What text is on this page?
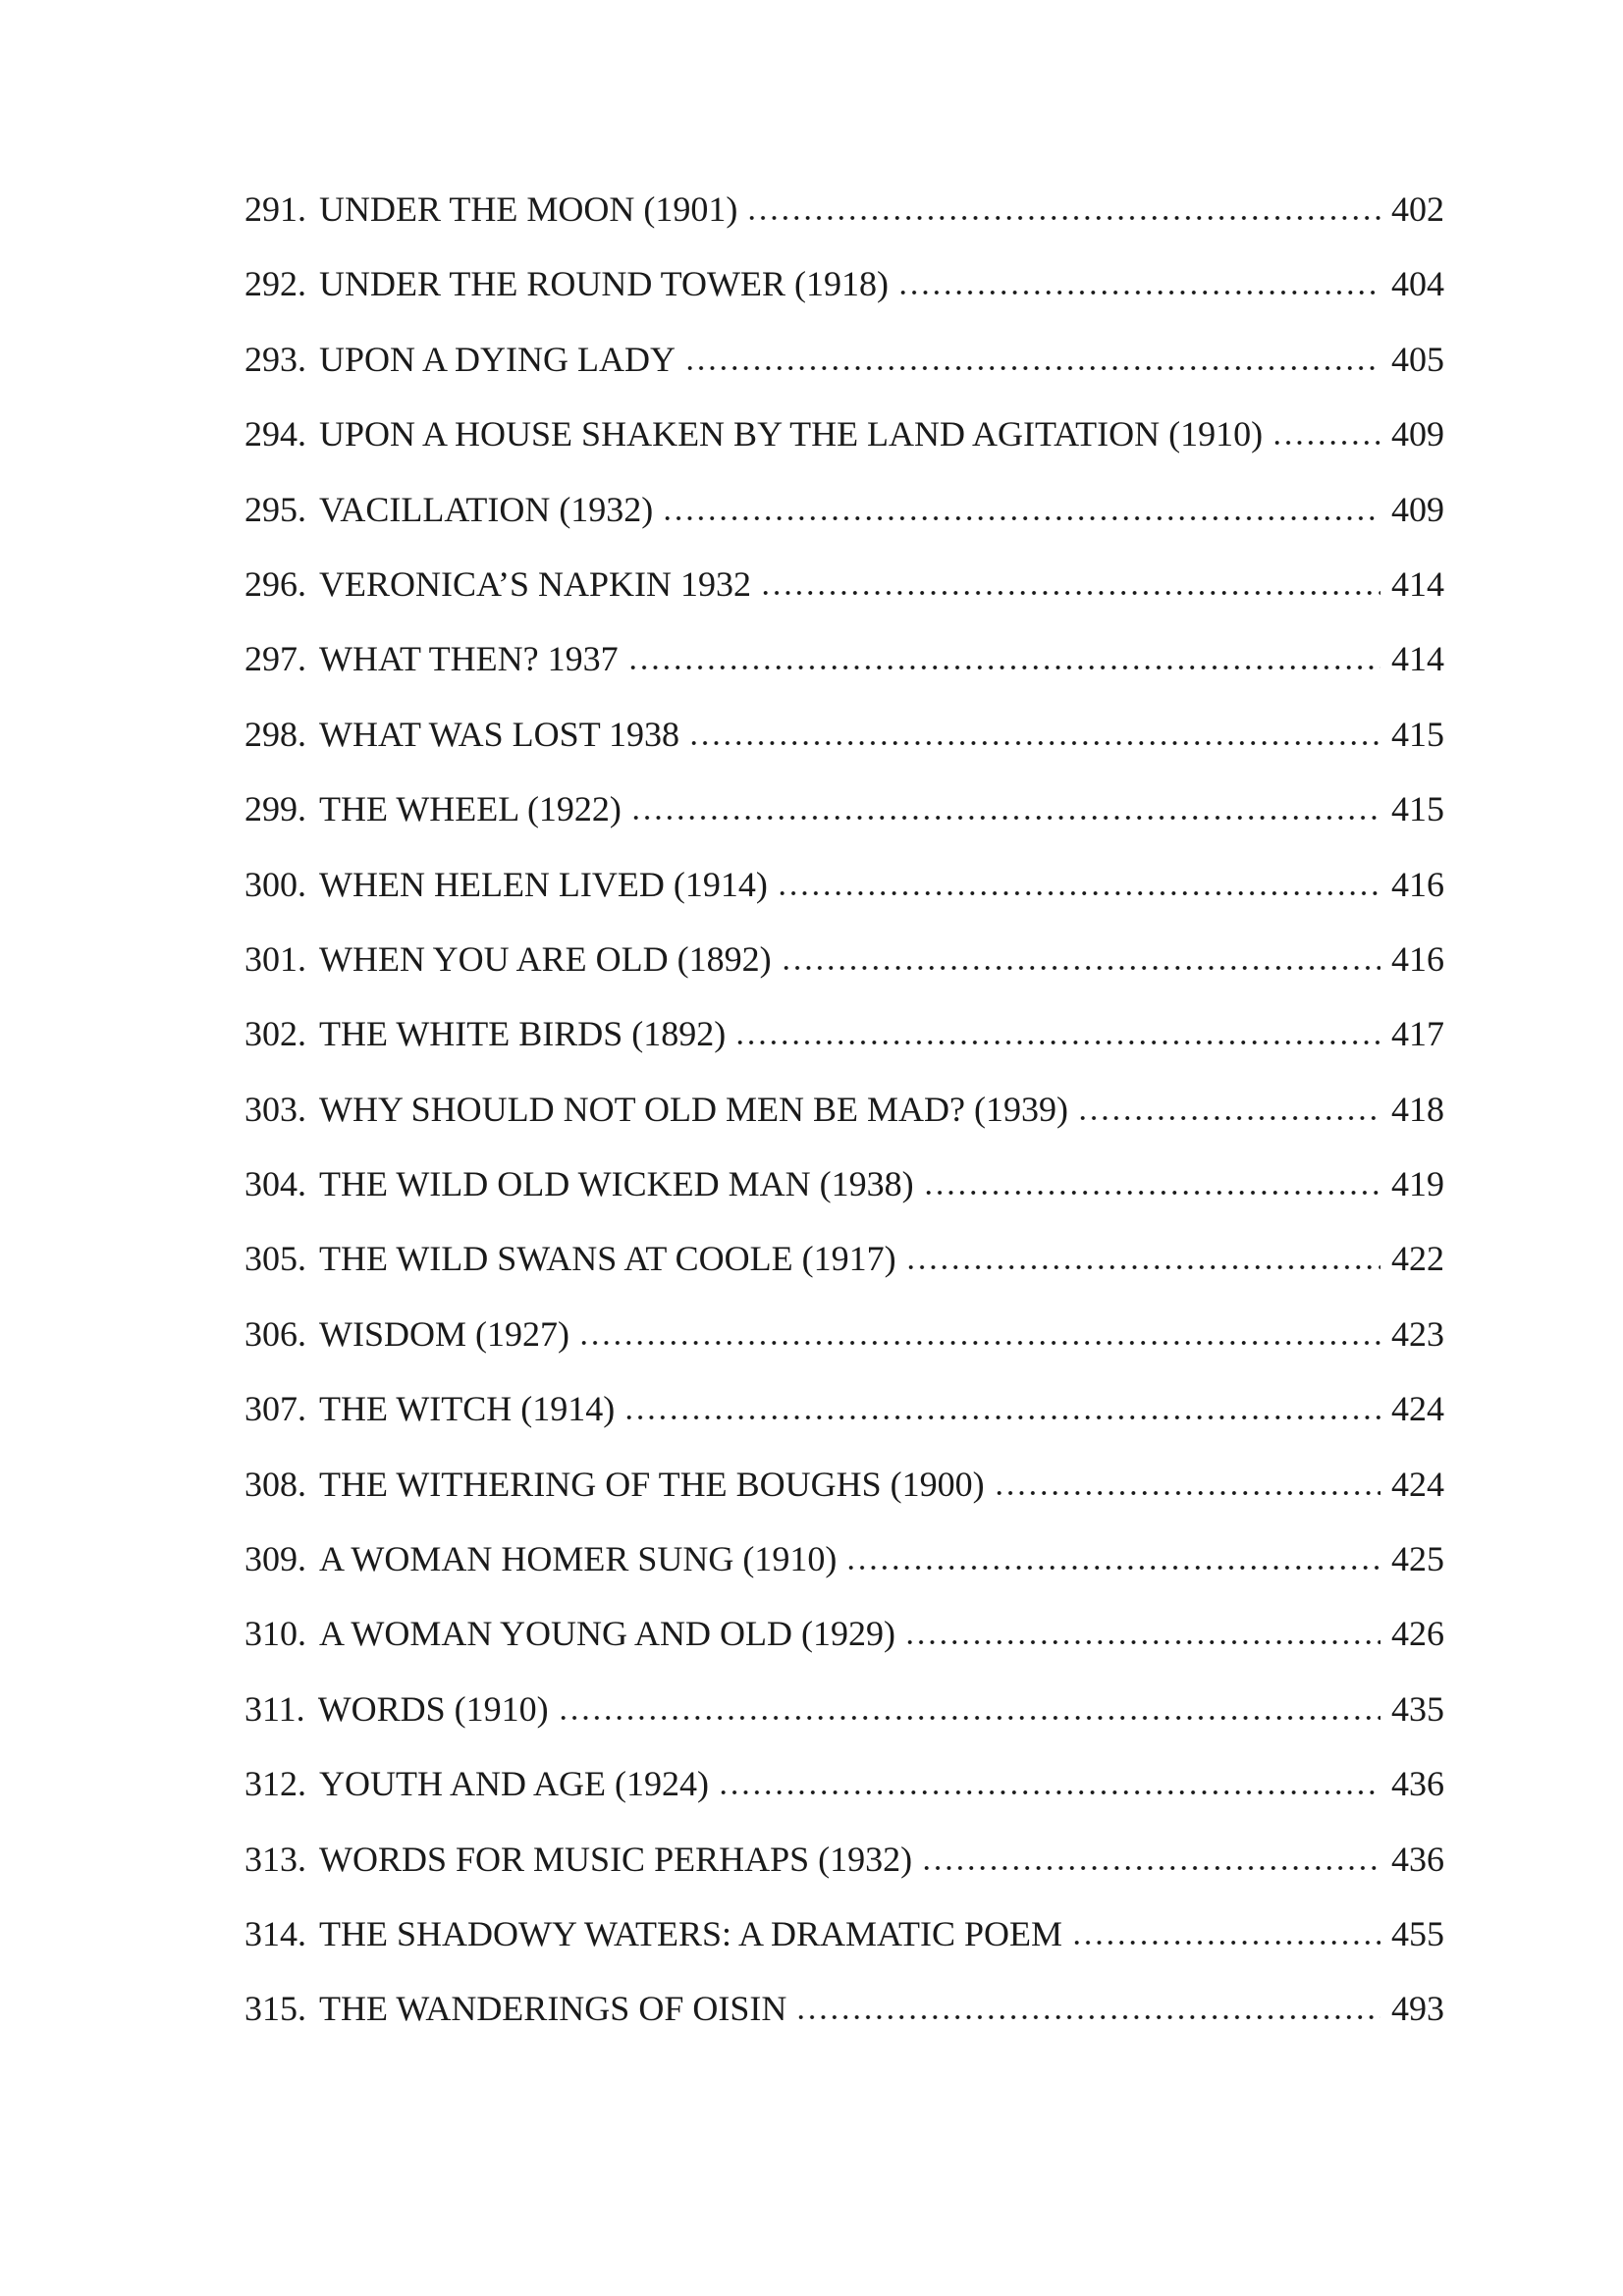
291. UNDER THE MOON (1901)	402
292. UNDER THE ROUND TOWER (1918)	404
293. UPON A DYING LADY	405
294. UPON A HOUSE SHAKEN BY THE LAND AGITATION (1910)	409
295. VACILLATION (1932)	409
296. VERONICA’S NAPKIN 1932	414
297. WHAT THEN? 1937	414
298. WHAT WAS LOST 1938	415
299. THE WHEEL (1922)	415
300. WHEN HELEN LIVED (1914)	416
301. WHEN YOU ARE OLD (1892)	416
302. THE WHITE BIRDS (1892)	417
303. WHY SHOULD NOT OLD MEN BE MAD? (1939)	418
304. THE WILD OLD WICKED MAN (1938)	419
305. THE WILD SWANS AT COOLE (1917)	422
306. WISDOM (1927)	423
307. THE WITCH (1914)	424
308. THE WITHERING OF THE BOUGHS (1900)	424
309. A WOMAN HOMER SUNG (1910)	425
310. A WOMAN YOUNG AND OLD (1929)	426
311. WORDS (1910)	435
312. YOUTH AND AGE (1924)	436
313. WORDS FOR MUSIC PERHAPS (1932)	436
314. THE SHADOWY WATERS: A DRAMATIC POEM	455
315. THE WANDERINGS OF OISIN	493
